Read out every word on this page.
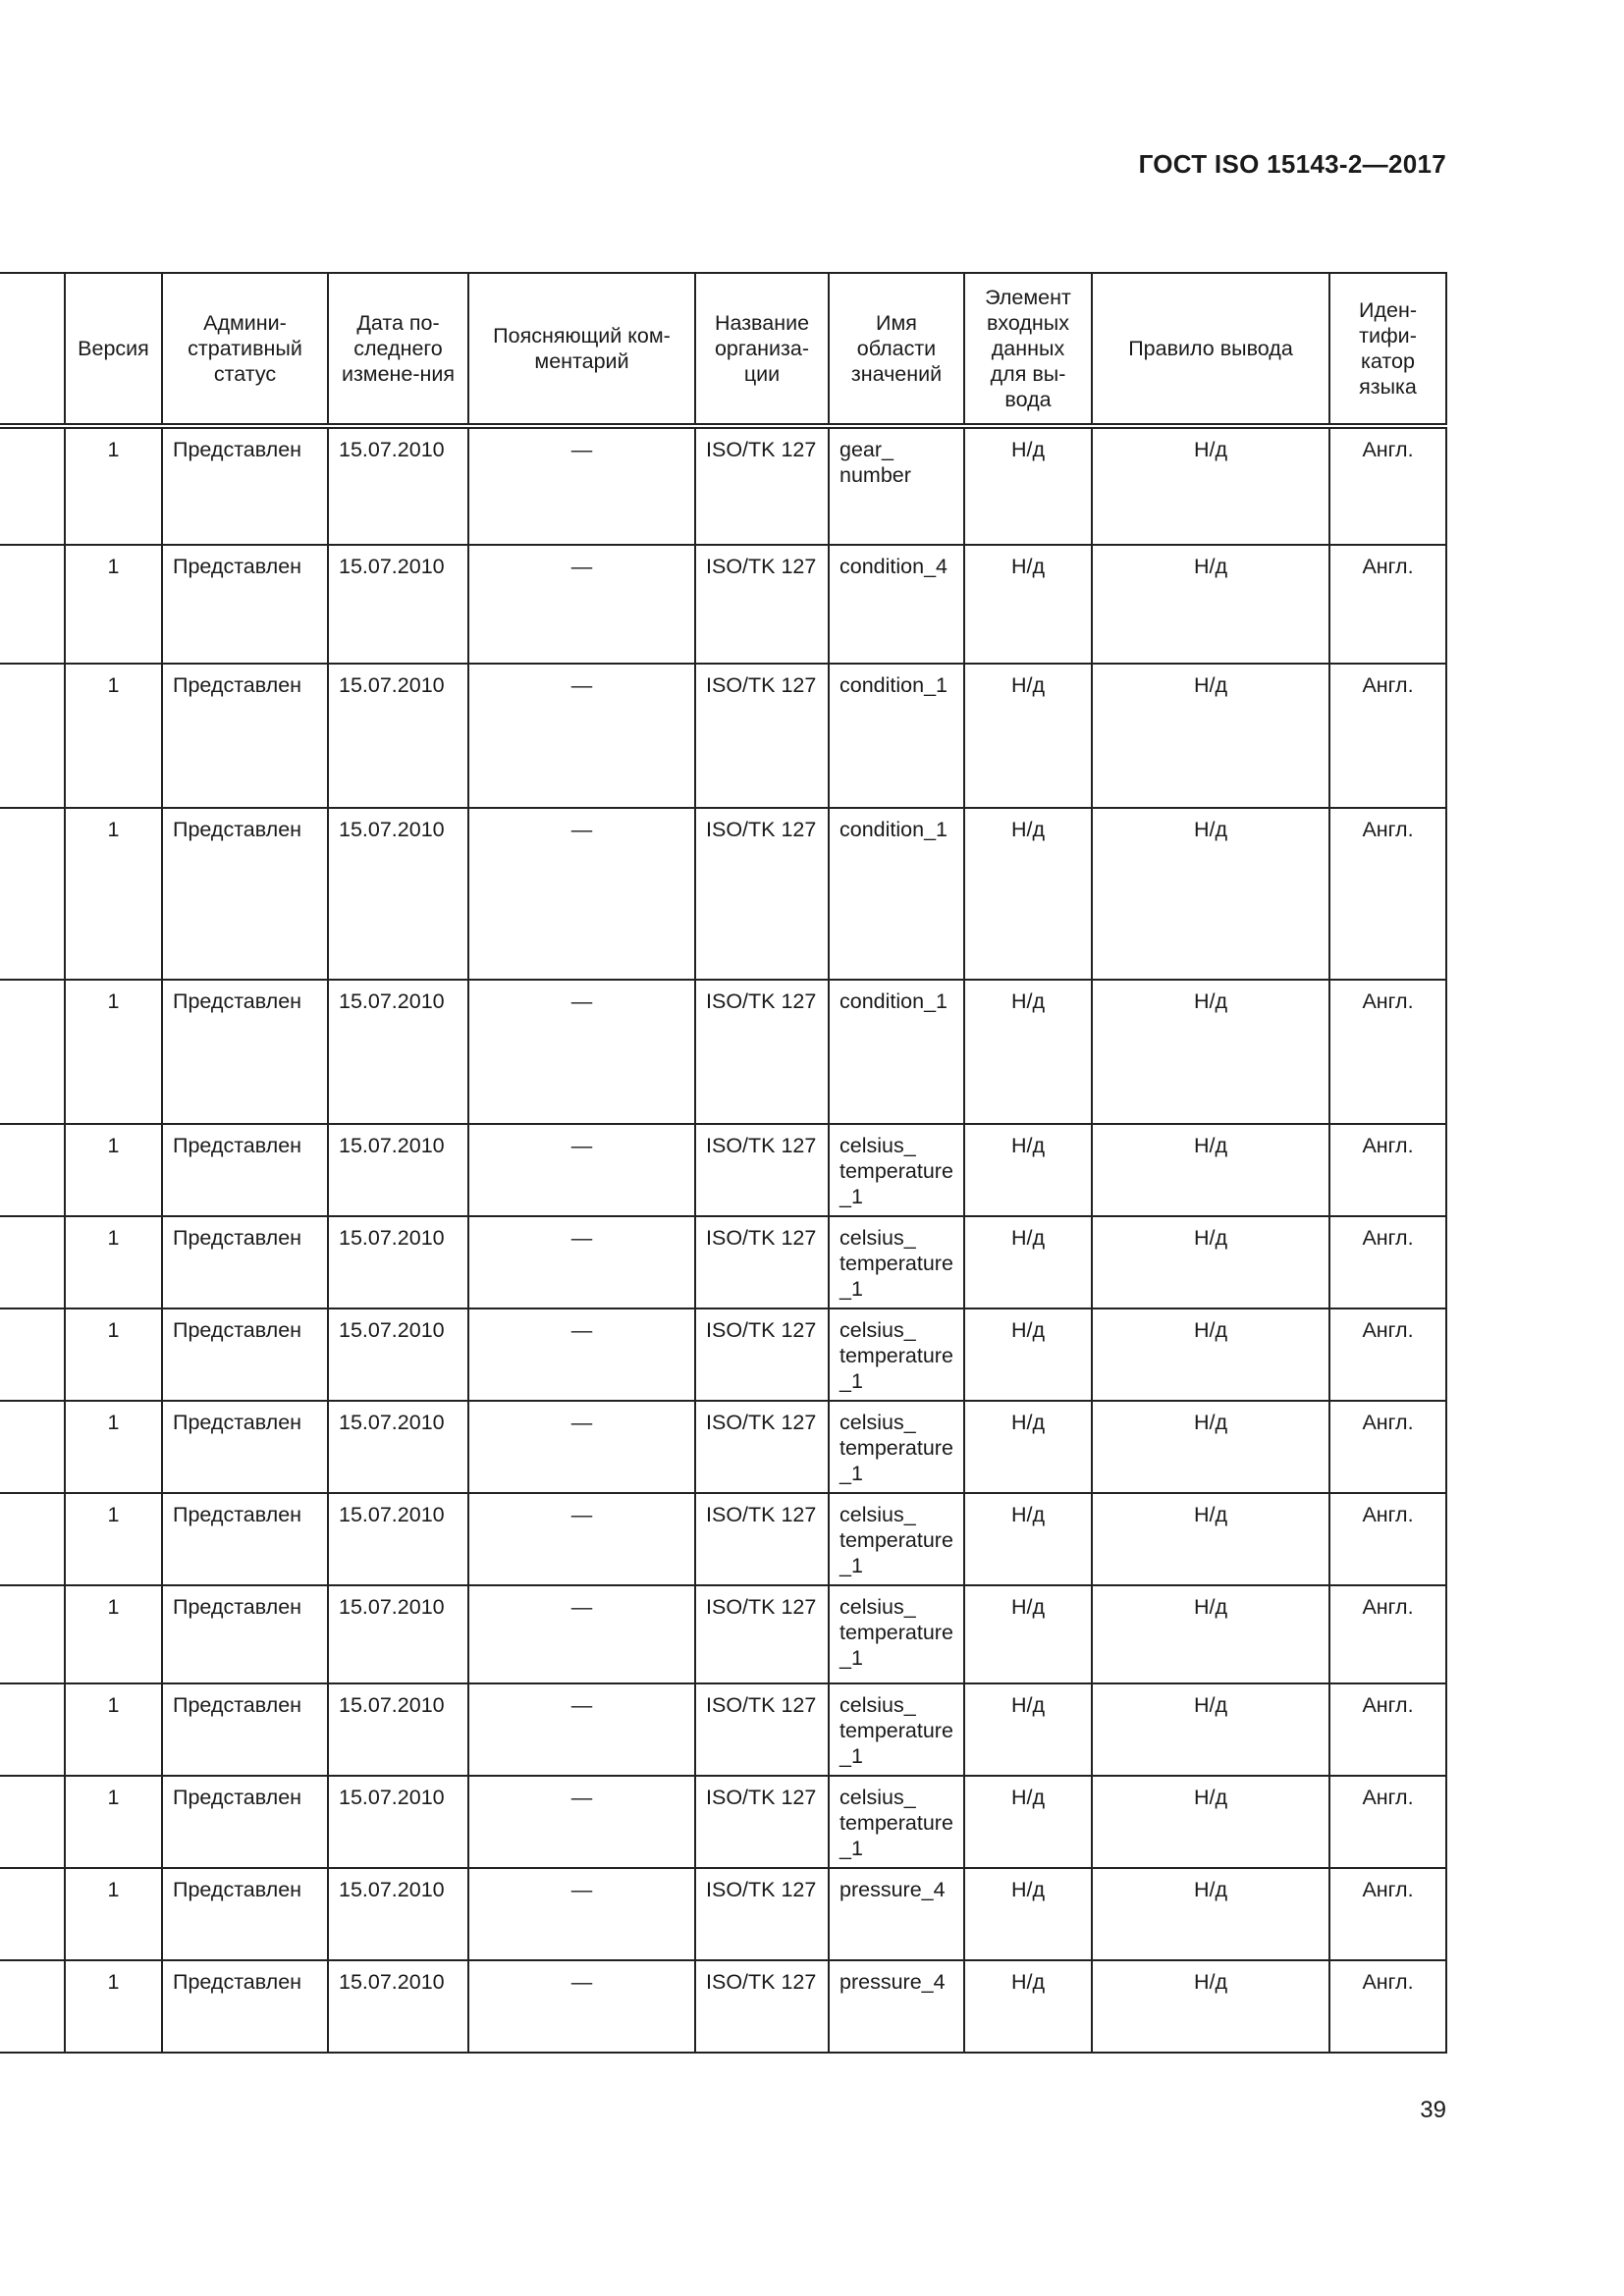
ГОСТ ISO 15143-2—2017
	Версия	Админи-стративный статус	Дата по-следнего измене-ния	Поясняющий ком-ментарий	Название организа-ции	Имя области значений	Элемент входных данных для вы-вода	Правило вывода	Иден-тифи-катор языка
	1	Представлен	15.07.2010	—	ISO/TK 127	gear_ number	Н/д	Н/д	Англ.
	1	Представлен	15.07.2010	—	ISO/TK 127	condition_4	Н/д	Н/д	Англ.
	1	Представлен	15.07.2010	—	ISO/TK 127	condition_1	Н/д	Н/д	Англ.
	1	Представлен	15.07.2010	—	ISO/TK 127	condition_1	Н/д	Н/д	Англ.
	1	Представлен	15.07.2010	—	ISO/TK 127	condition_1	Н/д	Н/д	Англ.
	1	Представлен	15.07.2010	—	ISO/TK 127	celsius_ temperature _1	Н/д	Н/д	Англ.
	1	Представлен	15.07.2010	—	ISO/TK 127	celsius_ temperature _1	Н/д	Н/д	Англ.
	1	Представлен	15.07.2010	—	ISO/TK 127	celsius_ temperature _1	Н/д	Н/д	Англ.
	1	Представлен	15.07.2010	—	ISO/TK 127	celsius_ temperature _1	Н/д	Н/д	Англ.
	1	Представлен	15.07.2010	—	ISO/TK 127	celsius_ temperature _1	Н/д	Н/д	Англ.
	1	Представлен	15.07.2010	—	ISO/TK 127	celsius_ temperature _1	Н/д	Н/д	Англ.
	1	Представлен	15.07.2010	—	ISO/TK 127	celsius_ temperature _1	Н/д	Н/д	Англ.
	1	Представлен	15.07.2010	—	ISO/TK 127	celsius_ temperature _1	Н/д	Н/д	Англ.
	1	Представлен	15.07.2010	—	ISO/TK 127	pressure_4	Н/д	Н/д	Англ.
	1	Представлен	15.07.2010	—	ISO/TK 127	pressure_4	Н/д	Н/д	Англ.
39
